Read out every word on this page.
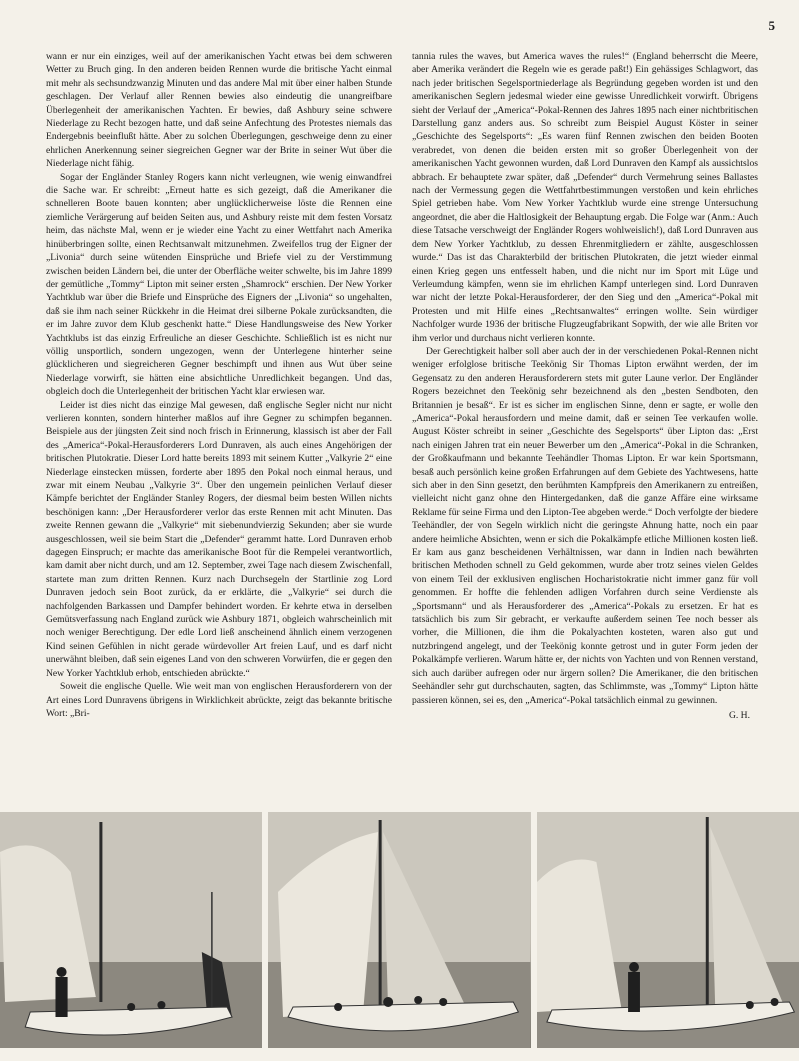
5

wann er nur ein einziges, weil auf der amerikanischen Yacht etwas bei dem schweren Wetter zu Bruch ging. In den anderen beiden Rennen wurde die britische Yacht einmal mit mehr als sechsundzwanzig Minuten und das andere Mal mit über einer halben Stunde geschlagen. Der Verlauf aller Rennen bewies also eindeutig die unangreifbare Überlegenheit der amerikanischen Yachten. Er bewies, daß Ashbury seine schwere Niederlage zu Recht bezogen hatte, und daß seine Anfechtung des Protestes niemals das Endergebnis beeinflußt hätte. Aber zu solchen Überlegungen, geschweige denn zu einer ehrlichen Anerkennung seiner siegreichen Gegner war der Brite in seiner Wut über die Niederlage nicht fähig.

Sogar der Engländer Stanley Rogers kann nicht verleugnen, wie wenig einwandfrei die Sache war. Er schreibt: „Erneut hatte es sich gezeigt, daß die Amerikaner die schnelleren Boote bauen konnten; aber unglücklicherweise löste die Rennen eine ziemliche Verärgerung auf beiden Seiten aus, und Ashbury reiste mit dem festen Vorsatz heim, das nächste Mal, wenn er je wieder eine Yacht zu einer Wettfahrt nach Amerika hinüberbringen sollte, einen Rechtsanwalt mitzunehmen. Zweifellos trug der Eigner der „Livonia“ durch seine wütenden Einsprüche und Briefe viel zu der Verstimmung zwischen beiden Ländern bei, die unter der Oberfläche weiter schwelte, bis im Jahre 1899 der gemütliche „Tommy“ Lipton mit seiner ersten „Shamrock“ erschien. Der New Yorker Yachtklub war über die Briefe und Einsprüche des Eigners der „Livonia“ so ungehalten, daß sie ihm nach seiner Rückkehr in die Heimat drei silberne Pokale zurücksandten, die er im Jahre zuvor dem Klub geschenkt hatte.“ Diese Handlungsweise des New Yorker Yachtklubs ist das einzig Erfreuliche an dieser Geschichte. Schließlich ist es nicht nur völlig unsportlich, sondern ungezogen, wenn der Unterlegene hinterher seine glücklicheren und siegreicheren Gegner beschimpft und ihnen aus Wut über seine Niederlage vorwirft, sie hätten eine absichtliche Unredlichkeit begangen. Und das, obgleich doch die Unterlegenheit der britischen Yacht klar erwiesen war.

Leider ist dies nicht das einzige Mal gewesen, daß englische Segler nicht nur nicht verlieren konnten, sondern hinterher maßlos auf ihre Gegner zu schimpfen begannen. Beispiele aus der jüngsten Zeit sind noch frisch in Erinnerung, klassisch ist aber der Fall des „America“-Pokal-Herausforderers Lord Dunraven, als auch eines Angehörigen der britischen Plutokratie. Dieser Lord hatte bereits 1893 mit seinem Kutter „Valkyrie 2“ eine Niederlage einstecken müssen, forderte aber 1895 den Pokal noch einmal heraus, und zwar mit einem Neubau „Valkyrie 3“. Über den ungemein peinlichen Verlauf dieser Kämpfe berichtet der Engländer Stanley Rogers, der diesmal beim besten Willen nichts beschönigen kann: „Der Herausforderer verlor das erste Rennen mit acht Minuten. Das zweite Rennen gewann die „Valkyrie“ mit siebenundvierzig Sekunden; aber sie wurde ausgeschlossen, weil sie beim Start die „Defender“ gerammt hatte. Lord Dunraven erhob dagegen Einspruch; er machte das amerikanische Boot für die Rempelei verantwortlich, kam damit aber nicht durch, und am 12. September, zwei Tage nach diesem Zwischenfall, startete man zum dritten Rennen. Kurz nach Durchsegeln der Startlinie zog Lord Dunraven jedoch sein Boot zurück, da er erklärte, die „Valkyrie“ sei durch die nachfolgenden Barkassen und Dampfer behindert worden. Er kehrte etwa in derselben Gemütsverfassung nach England zurück wie Ashbury 1871, obgleich wahrscheinlich mit noch weniger Berechtigung. Der edle Lord ließ anscheinend ähnlich einem verzogenen Kind seinen Gefühlen in nicht gerade würdevoller Art freien Lauf, und es darf nicht unerwähnt bleiben, daß sein eigenes Land von den schweren Vorwürfen, die er gegen den New Yorker Yachtklub erhob, entschieden abrückte.“

Soweit die englische Quelle. Wie weit man von englischen Herausforderern von der Art eines Lord Dunravens übrigens in Wirklichkeit abrückte, zeigt das bekannte britische Wort: „Bri-

tannia rules the waves, but America waves the rules!“ (England beherrscht die Meere, aber Amerika verändert die Regeln wie es gerade paßt!) Ein gehässiges Schlagwort, das nach jeder britischen Segelsportniederlage als Begründung gegeben worden ist und den amerikanischen Seglern jedesmal wieder eine gewisse Unredlichkeit vorwirft. Übrigens sieht der Verlauf der „America“-Pokal-Rennen des Jahres 1895 nach einer nichtbritischen Darstellung ganz anders aus. So schreibt zum Beispiel August Köster in seiner „Geschichte des Segelsports“: „Es waren fünf Rennen zwischen den beiden Booten verabredet, von denen die beiden ersten mit so großer Überlegenheit von der amerikanischen Yacht gewonnen wurden, daß Lord Dunraven den Kampf als aussichtslos abbrach. Er behauptete zwar später, daß „Defender“ durch Vermehrung seines Ballastes nach der Vermessung gegen die Wettfahrtbestimmungen verstoßen und kein ehrliches Spiel getrieben habe. Vom New Yorker Yachtklub wurde eine strenge Untersuchung angeordnet, die aber die Haltlosigkeit der Behauptung ergab. Die Folge war (Anm.: Auch diese Tatsache verschweigt der Engländer Rogers wohlweislich!), daß Lord Dunraven aus dem New Yorker Yachtklub, zu dessen Ehrenmitgliedern er zählte, ausgeschlossen wurde.“ Das ist das Charakterbild der britischen Plutokraten, die jetzt wieder einmal einen Krieg gegen uns entfesselt haben, und die nicht nur im Sport mit Lüge und Verleumdung kämpfen, wenn sie im ehrlichen Kampf unterlegen sind. Lord Dunraven war nicht der letzte Pokal-Herausforderer, der den Sieg und den „America“-Pokal mit Protesten und mit Hilfe eines „Rechtsanwaltes“ erringen wollte. Sein würdiger Nachfolger wurde 1936 der britische Flugzeugfabrikant Sopwith, der wie alle Briten vor ihm verlor und durchaus nicht verlieren konnte.

Der Gerechtigkeit halber soll aber auch der in der verschiedenen Pokal-Rennen nicht weniger erfolglose britische Teekönig Sir Thomas Lipton erwähnt werden, der im Gegensatz zu den anderen Herausforderern stets mit guter Laune verlor. Der Engländer Rogers bezeichnet den Teekönig sehr bezeichnend als den „besten Sendboten, den Britannien je besaß“. Er ist es sicher im englischen Sinne, denn er sagte, er wolle den „America“-Pokal herausfordern und meine damit, daß er seinen Tee verkaufen wolle. August Köster schreibt in seiner „Geschichte des Segelsports“ über Lipton das: „Erst nach einigen Jahren trat ein neuer Bewerber um den „America“-Pokal in die Schranken, der Großkaufmann und bekannte Teehändler Thomas Lipton. Er war kein Sportsmann, besaß auch persönlich keine großen Erfahrungen auf dem Gebiete des Yachtwesens, hatte sich aber in den Sinn gesetzt, den berühmten Kampfpreis den Amerikanern zu entreißen, vielleicht nicht ganz ohne den Hintergedanken, daß die ganze Affäre eine wirksame Reklame für seine Firma und den Lipton-Tee abgeben werde.“ Doch verfolgte der biedere Teehändler, der von Segeln wirklich nicht die geringste Ahnung hatte, noch ein paar andere heimliche Absichten, wenn er sich die Pokalkämpfe etliche Millionen kosten ließ. Er kam aus ganz bescheidenen Verhältnissen, war dann in Indien nach bewährten britischen Methoden schnell zu Geld gekommen, wurde aber trotz seines vielen Geldes von einem Teil der exklusiven englischen Hocharistokratie nicht immer ganz für voll genommen. Er hoffte die fehlenden adligen Vorfahren durch seine Verdienste als „Sportsmann“ und als Herausforderer des „America“-Pokals zu ersetzen. Er hat es tatsächlich bis zum Sir gebracht, er verkaufte außerdem seinen Tee noch besser als vorher, die Millionen, die ihm die Pokalyachten kosteten, waren also gut und nutzbringend angelegt, und der Teekönig konnte getrost und in guter Form jeden der Pokalkämpfe verlieren. Warum hätte er, der nichts von Yachten und von Rennen verstand, sich auch darüber aufregen oder nur ärgern sollen? Die Amerikaner, die den britischen Seehändler sehr gut durchschauten, sagten, das Schlimmste, was „Tommy“ Lipton hätte passieren können, sei es, den „America“-Pokal tatsächlich einmal zu gewinnen.

G. H.
